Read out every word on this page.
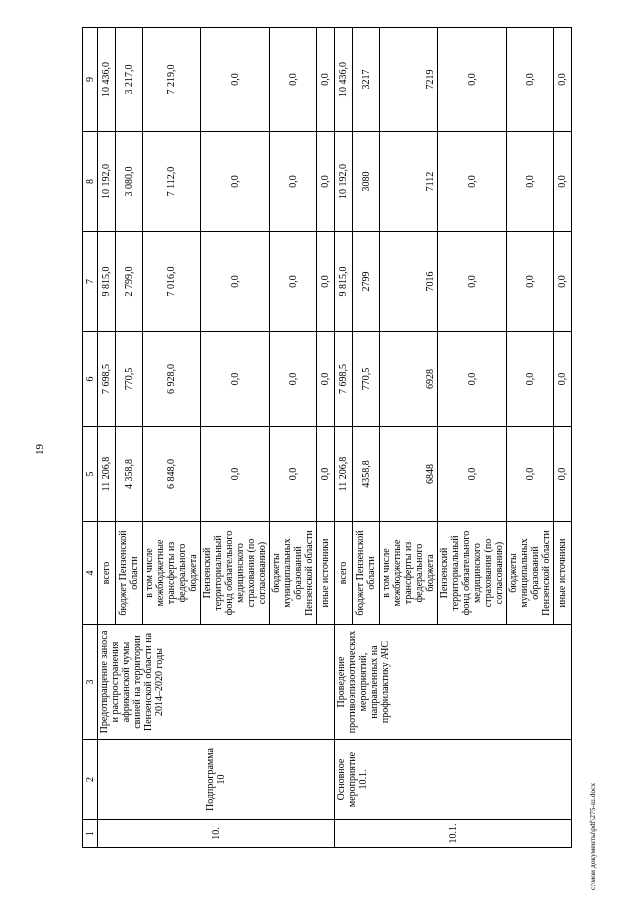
19
1	2	3	4	5	6	7	8	9
10.	Подпрограмма 10	Предотвращение заноса и распространения африканской чумы свиней на территории Пензенской области на 2014–2020 годы	всего	11 206,8	7 698,5	9 815,0	10 192,0	10 436,0
			бюджет Пензенской области	4 358,8	770,5	2 799,0	3 080,0	3 217,0
			в том числе межбюджетные трансферты из федерального бюджета	6 848,0	6 928,0	7 016,0	7 112,0	7 219,0
			Пензенский территориальный фонд обязательного медицинского страхования (по согласованию)	0,0	0,0	0,0	0,0	0,0
			бюджеты муниципальных образований Пензенской области	0,0	0,0	0,0	0,0	0,0
			иные источники	0,0	0,0	0,0	0,0	0,0
10.1.	Основное мероприятие 10.1.	Проведение противоэпизоотических мероприятий, направленных на профилактику АЧС	всего	11 206,8	7 698,5	9 815,0	10 192,0	10 436,0
			бюджет Пензенской области	4358,8	770,5	2799	3080	3217
			в том числе межбюджетные трансферты из федерального бюджета	6848	6928	7016	7112	7219
			Пензенский территориальный фонд обязательного медицинского страхования (по согласованию)	0,0	0,0	0,0	0,0	0,0
			бюджеты муниципальных образований Пензенской области	0,0	0,0	0,0	0,0	0,0
			иные источники	0,0	0,0	0,0	0,0	0,0
c:\мои документы\pdf\275-ш.docx
